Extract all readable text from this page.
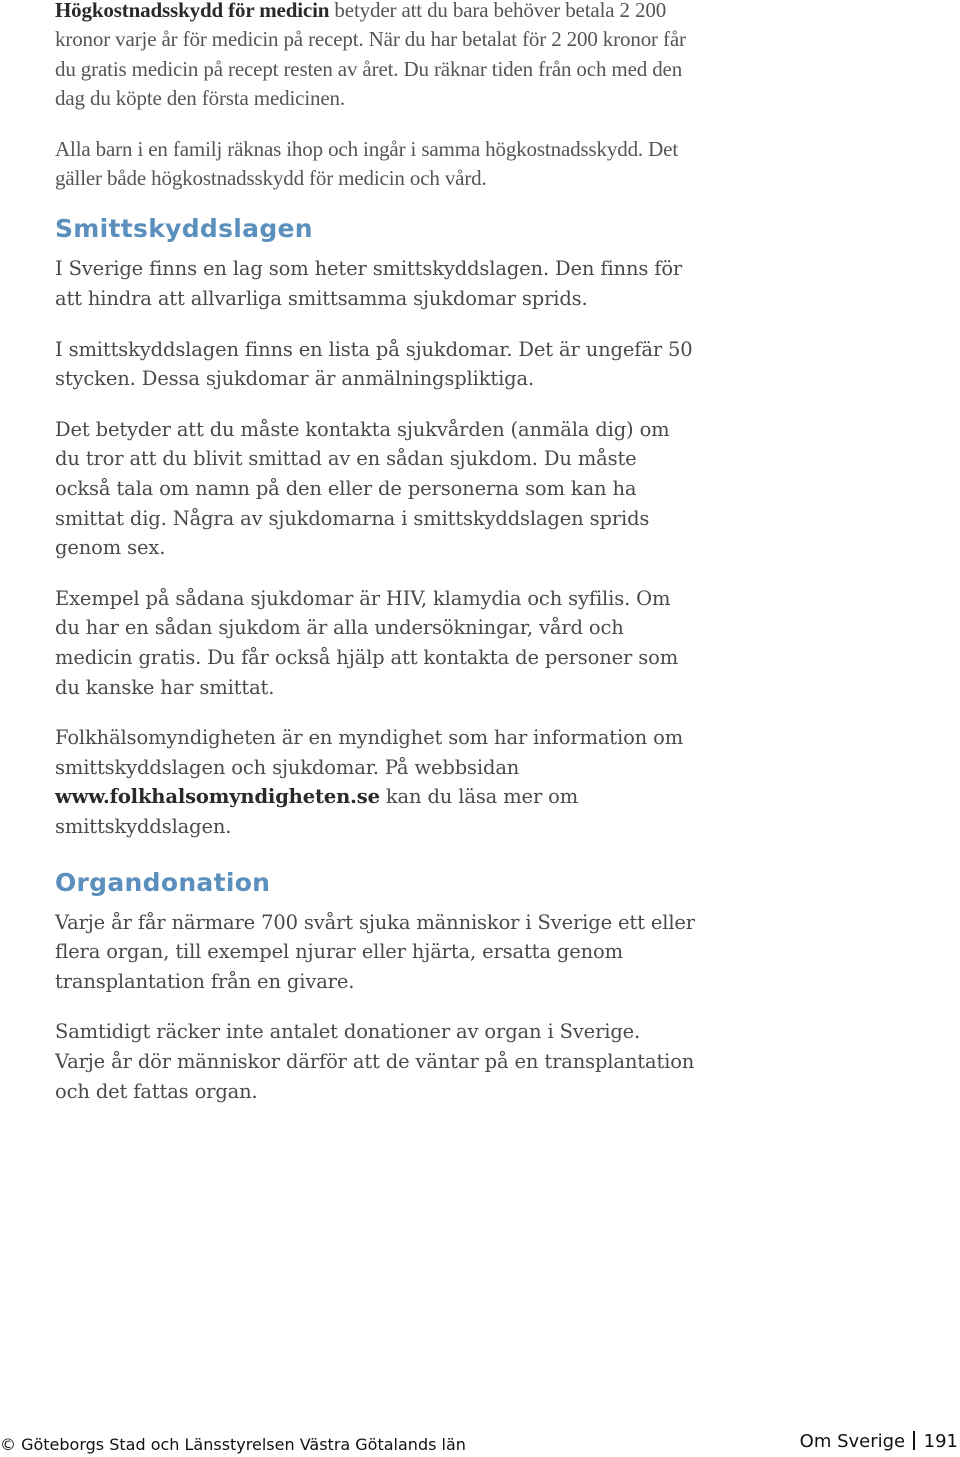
Högkostnadsskydd för medicin betyder att du bara behöver betala 2 200 kronor varje år för medicin på recept. När du har betalat för 2 200 kronor får du gratis medicin på recept resten av året. Du räknar tiden från och med den dag du köpte den första medicinen.

Alla barn i en familj räknas ihop och ingår i samma högkostnadsskydd. Det gäller både högkostnadsskydd för medicin och vård.

Smittskyddslagen

I Sverige finns en lag som heter smittskyddslagen. Den finns för att hindra att allvarliga smittsamma sjukdomar sprids.

I smittskyddslagen finns en lista på sjukdomar. Det är ungefär 50 stycken. Dessa sjukdomar är anmälningspliktiga.

Det betyder att du måste kontakta sjukvården (anmäla dig) om du tror att du blivit smittad av en sådan sjukdom. Du måste också tala om namn på den eller de personerna som kan ha smittat dig. Några av sjukdomarna i smittskyddslagen sprids genom sex.

Exempel på sådana sjukdomar är HIV, klamydia och syfilis. Om du har en sådan sjukdom är alla undersökningar, vård och medicin gratis. Du får också hjälp att kontakta de personer som du kanske har smittat.

Folkhälsomyndigheten är en myndighet som har information om smittskyddslagen och sjukdomar. På webbsidan www.folkhalsomyndigheten.se kan du läsa mer om smittskyddslagen.

Organdonation

Varje år får närmare 700 svårt sjuka människor i Sverige ett eller flera organ, till exempel njurar eller hjärta, ersatta genom transplantation från en givare.

Samtidigt räcker inte antalet donationer av organ i Sverige. Varje år dör människor därför att de väntar på en transplantation och det fattas organ.

© Göteborgs Stad och Länsstyrelsen Västra Götalands län	Om Sverige 191
